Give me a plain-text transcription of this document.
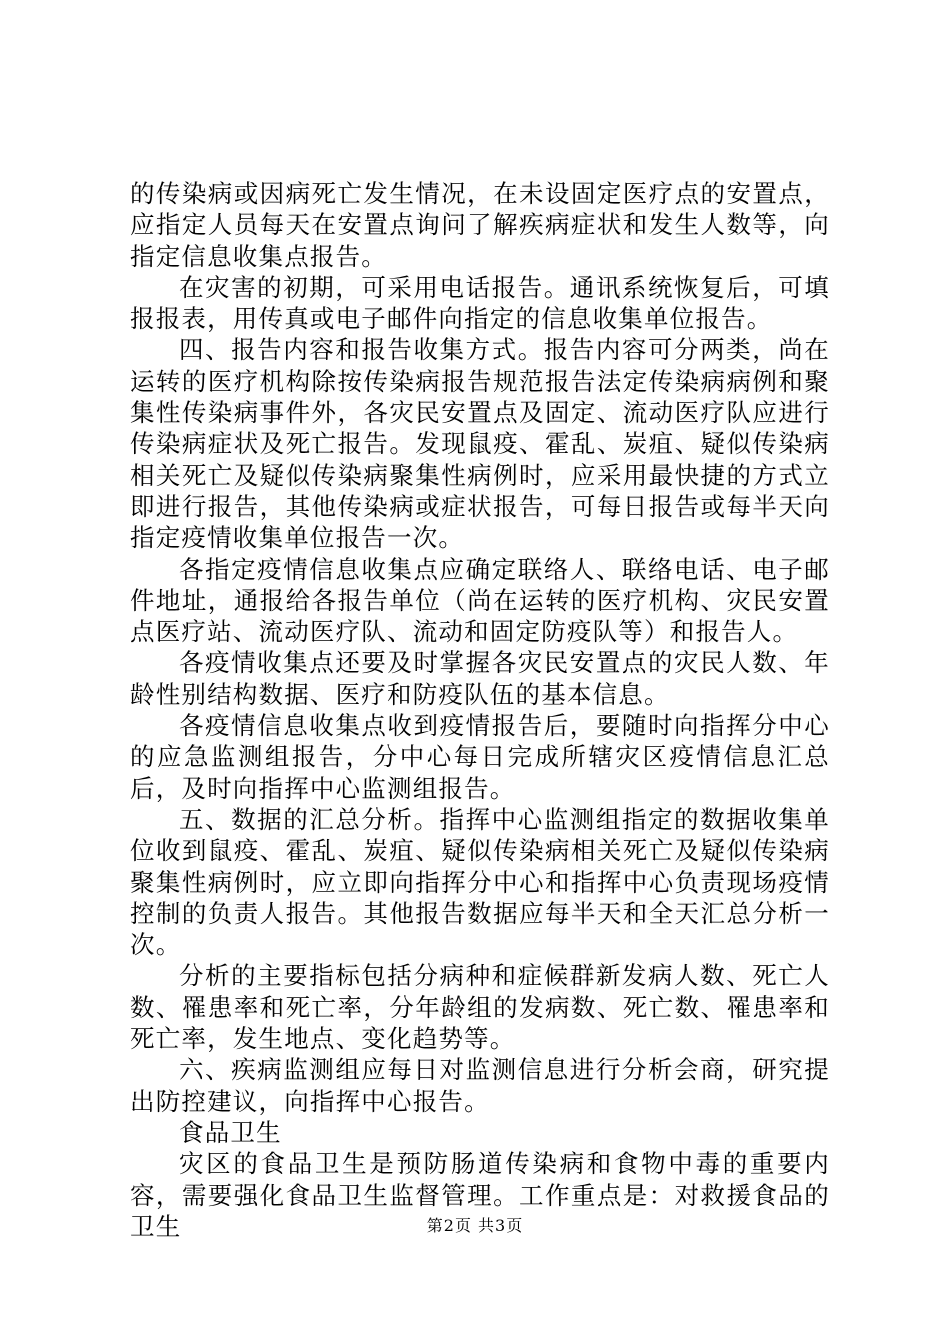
的传染病或因病死亡发生情况，在未设固定医疗点的安置点，应指定人员每天在安置点询问了解疾病症状和发生人数等，向指定信息收集点报告。

在灾害的初期，可采用电话报告。通讯系统恢复后，可填报报表，用传真或电子邮件向指定的信息收集单位报告。

四、报告内容和报告收集方式。报告内容可分两类，尚在运转的医疗机构除按传染病报告规范报告法定传染病病例和聚集性传染病事件外，各灾民安置点及固定、流动医疗队应进行传染病症状及死亡报告。发现鼠疫、霍乱、炭疽、疑似传染病相关死亡及疑似传染病聚集性病例时，应采用最快捷的方式立即进行报告，其他传染病或症状报告，可每日报告或每半天向指定疫情收集单位报告一次。

各指定疫情信息收集点应确定联络人、联络电话、电子邮件地址，通报给各报告单位（尚在运转的医疗机构、灾民安置点医疗站、流动医疗队、流动和固定防疫队等）和报告人。

各疫情收集点还要及时掌握各灾民安置点的灾民人数、年龄性别结构数据、医疗和防疫队伍的基本信息。

各疫情信息收集点收到疫情报告后，要随时向指挥分中心的应急监测组报告，分中心每日完成所辖灾区疫情信息汇总后，及时向指挥中心监测组报告。

五、数据的汇总分析。指挥中心监测组指定的数据收集单位收到鼠疫、霍乱、炭疽、疑似传染病相关死亡及疑似传染病聚集性病例时，应立即向指挥分中心和指挥中心负责现场疫情控制的负责人报告。其他报告数据应每半天和全天汇总分析一次。

分析的主要指标包括分病种和症候群新发病人数、死亡人数、罹患率和死亡率，分年龄组的发病数、死亡数、罹患率和死亡率，发生地点、变化趋势等。

六、疾病监测组应每日对监测信息进行分析会商，研究提出防控建议，向指挥中心报告。

食品卫生

灾区的食品卫生是预防肠道传染病和食物中毒的重要内容，需要强化食品卫生监督管理。工作重点是：对救援食品的卫生	第2页 共3页
